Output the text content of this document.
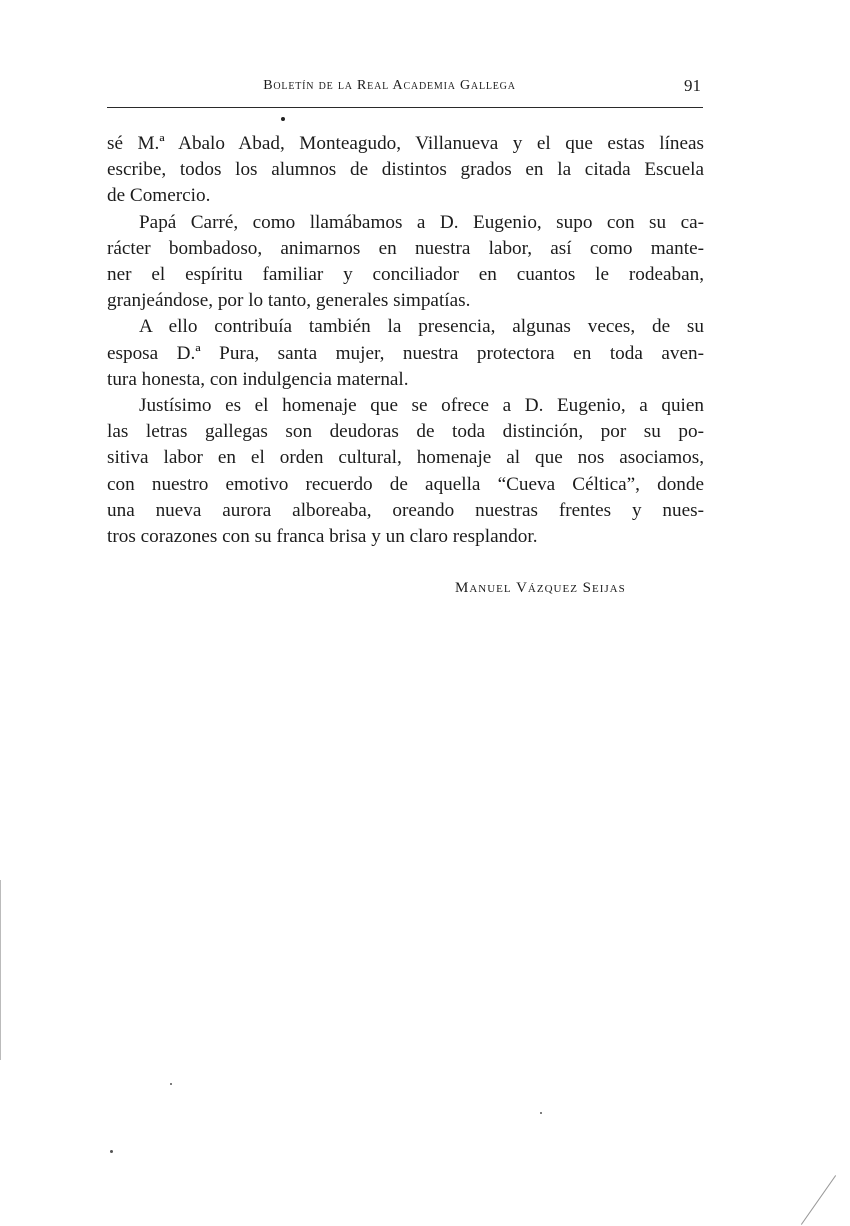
Boletín de la Real Academia Gallega	91

sé M.ª Abalo Abad, Monteagudo, Villanueva y el que estas líneas
escribe, todos los alumnos de distintos grados en la citada Escuela
de Comercio.

Papá Carré, como llamábamos a D. Eugenio, supo con su ca-
rácter bombadoso, animarnos en nuestra labor, así como mante-
ner el espíritu familiar y conciliador en cuantos le rodeaban,
granjeándose, por lo tanto, generales simpatías.

A ello contribuía también la presencia, algunas veces, de su
esposa D.ª Pura, santa mujer, nuestra protectora en toda aven-
tura honesta, con indulgencia maternal.

Justísimo es el homenaje que se ofrece a D. Eugenio, a quien
las letras gallegas son deudoras de toda distinción, por su po-
sitiva labor en el orden cultural, homenaje al que nos asociamos,
con nuestro emotivo recuerdo de aquella “Cueva Céltica”, donde
una nueva aurora alboreaba, oreando nuestras frentes y nues-
tros corazones con su franca brisa y un claro resplandor.

Manuel Vázquez Seijas
